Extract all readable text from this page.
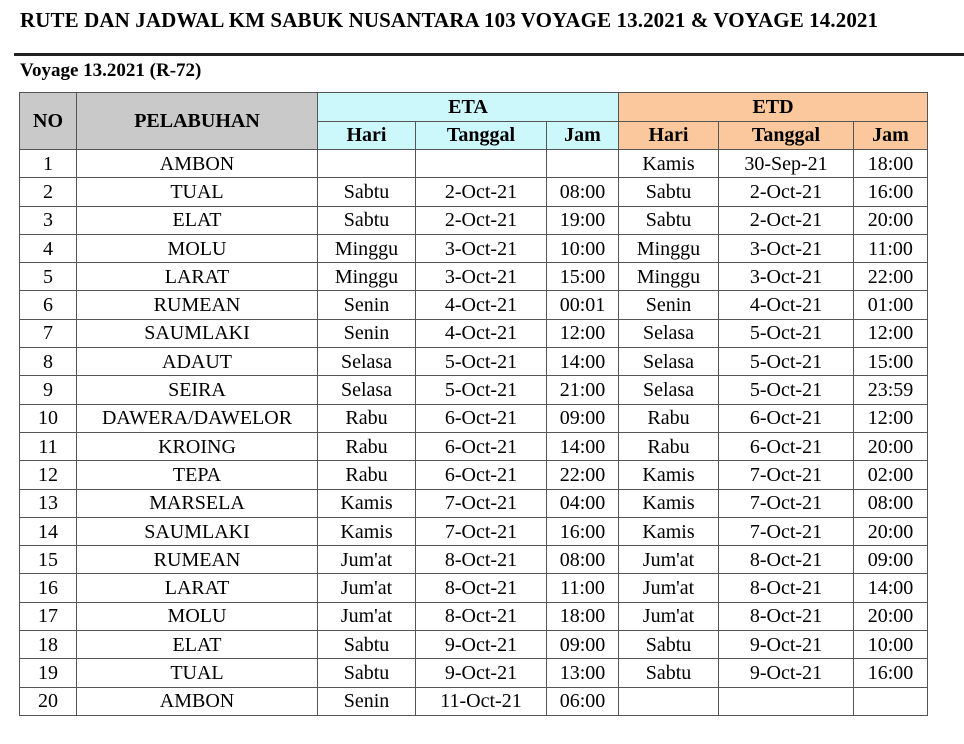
RUTE DAN JADWAL KM SABUK NUSANTARA 103 VOYAGE 13.2021 & VOYAGE 14.2021
Voyage 13.2021 (R-72)
NO	PELABUHAN	ETA			ETD		
		Hari	Tanggal	Jam	Hari	Tanggal	Jam
1	AMBON				Kamis	30-Sep-21	18:00
2	TUAL	Sabtu	2-Oct-21	08:00	Sabtu	2-Oct-21	16:00
3	ELAT	Sabtu	2-Oct-21	19:00	Sabtu	2-Oct-21	20:00
4	MOLU	Minggu	3-Oct-21	10:00	Minggu	3-Oct-21	11:00
5	LARAT	Minggu	3-Oct-21	15:00	Minggu	3-Oct-21	22:00
6	RUMEAN	Senin	4-Oct-21	00:01	Senin	4-Oct-21	01:00
7	SAUMLAKI	Senin	4-Oct-21	12:00	Selasa	5-Oct-21	12:00
8	ADAUT	Selasa	5-Oct-21	14:00	Selasa	5-Oct-21	15:00
9	SEIRA	Selasa	5-Oct-21	21:00	Selasa	5-Oct-21	23:59
10	DAWERA/DAWELOR	Rabu	6-Oct-21	09:00	Rabu	6-Oct-21	12:00
11	KROING	Rabu	6-Oct-21	14:00	Rabu	6-Oct-21	20:00
12	TEPA	Rabu	6-Oct-21	22:00	Kamis	7-Oct-21	02:00
13	MARSELA	Kamis	7-Oct-21	04:00	Kamis	7-Oct-21	08:00
14	SAUMLAKI	Kamis	7-Oct-21	16:00	Kamis	7-Oct-21	20:00
15	RUMEAN	Jum'at	8-Oct-21	08:00	Jum'at	8-Oct-21	09:00
16	LARAT	Jum'at	8-Oct-21	11:00	Jum'at	8-Oct-21	14:00
17	MOLU	Jum'at	8-Oct-21	18:00	Jum'at	8-Oct-21	20:00
18	ELAT	Sabtu	9-Oct-21	09:00	Sabtu	9-Oct-21	10:00
19	TUAL	Sabtu	9-Oct-21	13:00	Sabtu	9-Oct-21	16:00
20	AMBON	Senin	11-Oct-21	06:00			
